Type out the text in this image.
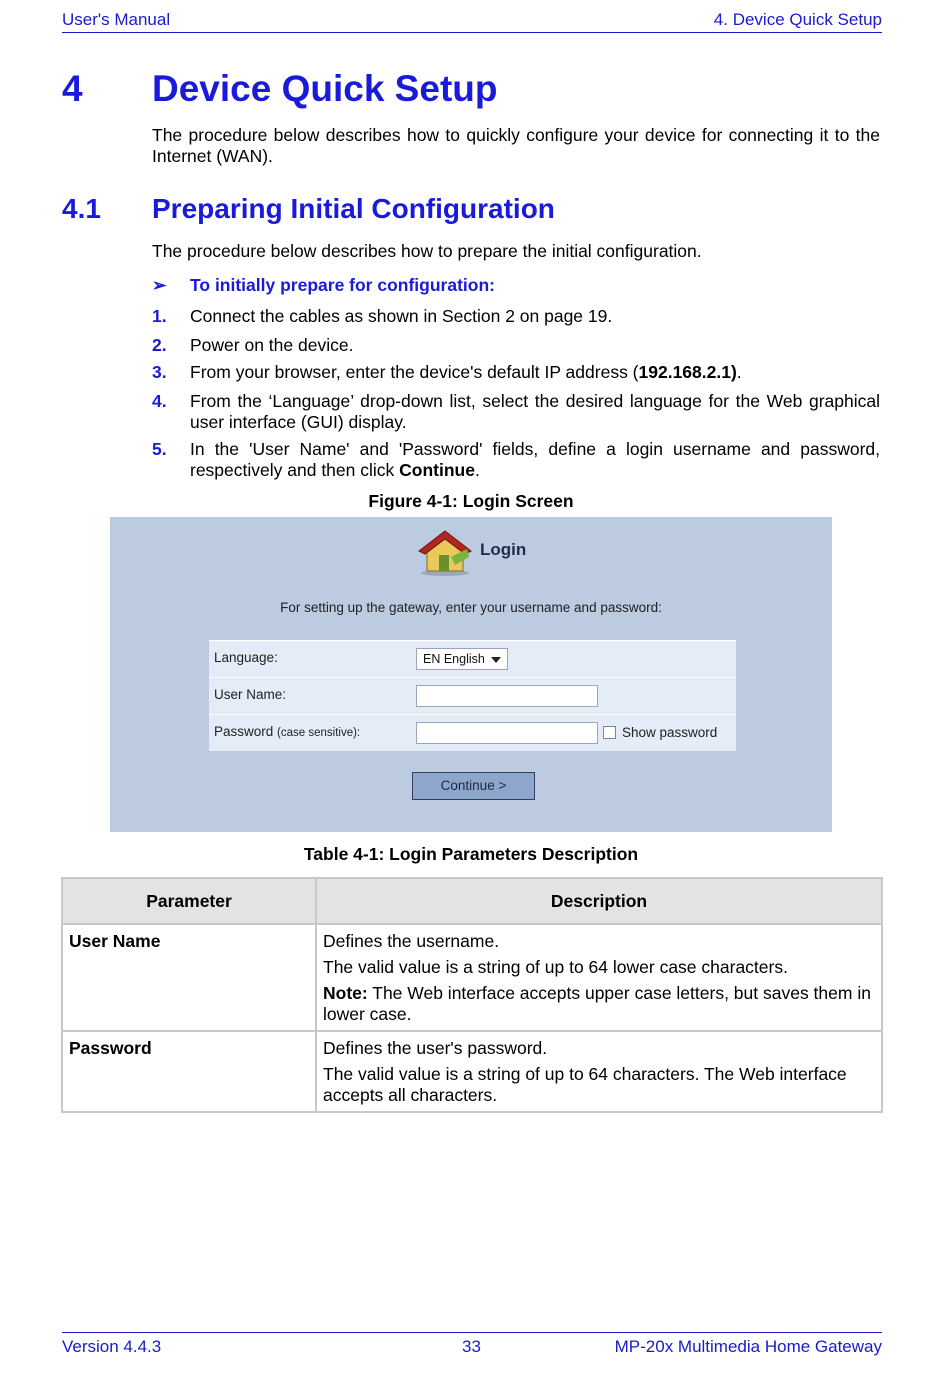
User's Manual	4. Device Quick Setup
4 Device Quick Setup
The procedure below describes how to quickly configure your device for connecting it to the Internet (WAN).
4.1 Preparing Initial Configuration
The procedure below describes how to prepare the initial configuration.
➢ To initially prepare for configuration:
1. Connect the cables as shown in Section 2 on page 19.
2. Power on the device.
3. From your browser, enter the device's default IP address (192.168.2.1).
4. From the ‘Language’ drop-down list, select the desired language for the Web graphical user interface (GUI) display.
5. In the 'User Name' and 'Password' fields, define a login username and password, respectively and then click Continue.
Figure 4-1: Login Screen
Login
For setting up the gateway, enter your username and password:
Language:	EN English
User Name:
Password (case sensitive):	Show password
Continue >
Table 4-1: Login Parameters Description
Parameter	Description
User Name	Defines the username.

The valid value is a string of up to 64 lower case characters.

Note: The Web interface accepts upper case letters, but saves them in lower case.

Password	Defines the user's password.

The valid value is a string of up to 64 characters. The Web interface accepts all characters.

Version 4.4.3	33	MP-20x Multimedia Home Gateway
